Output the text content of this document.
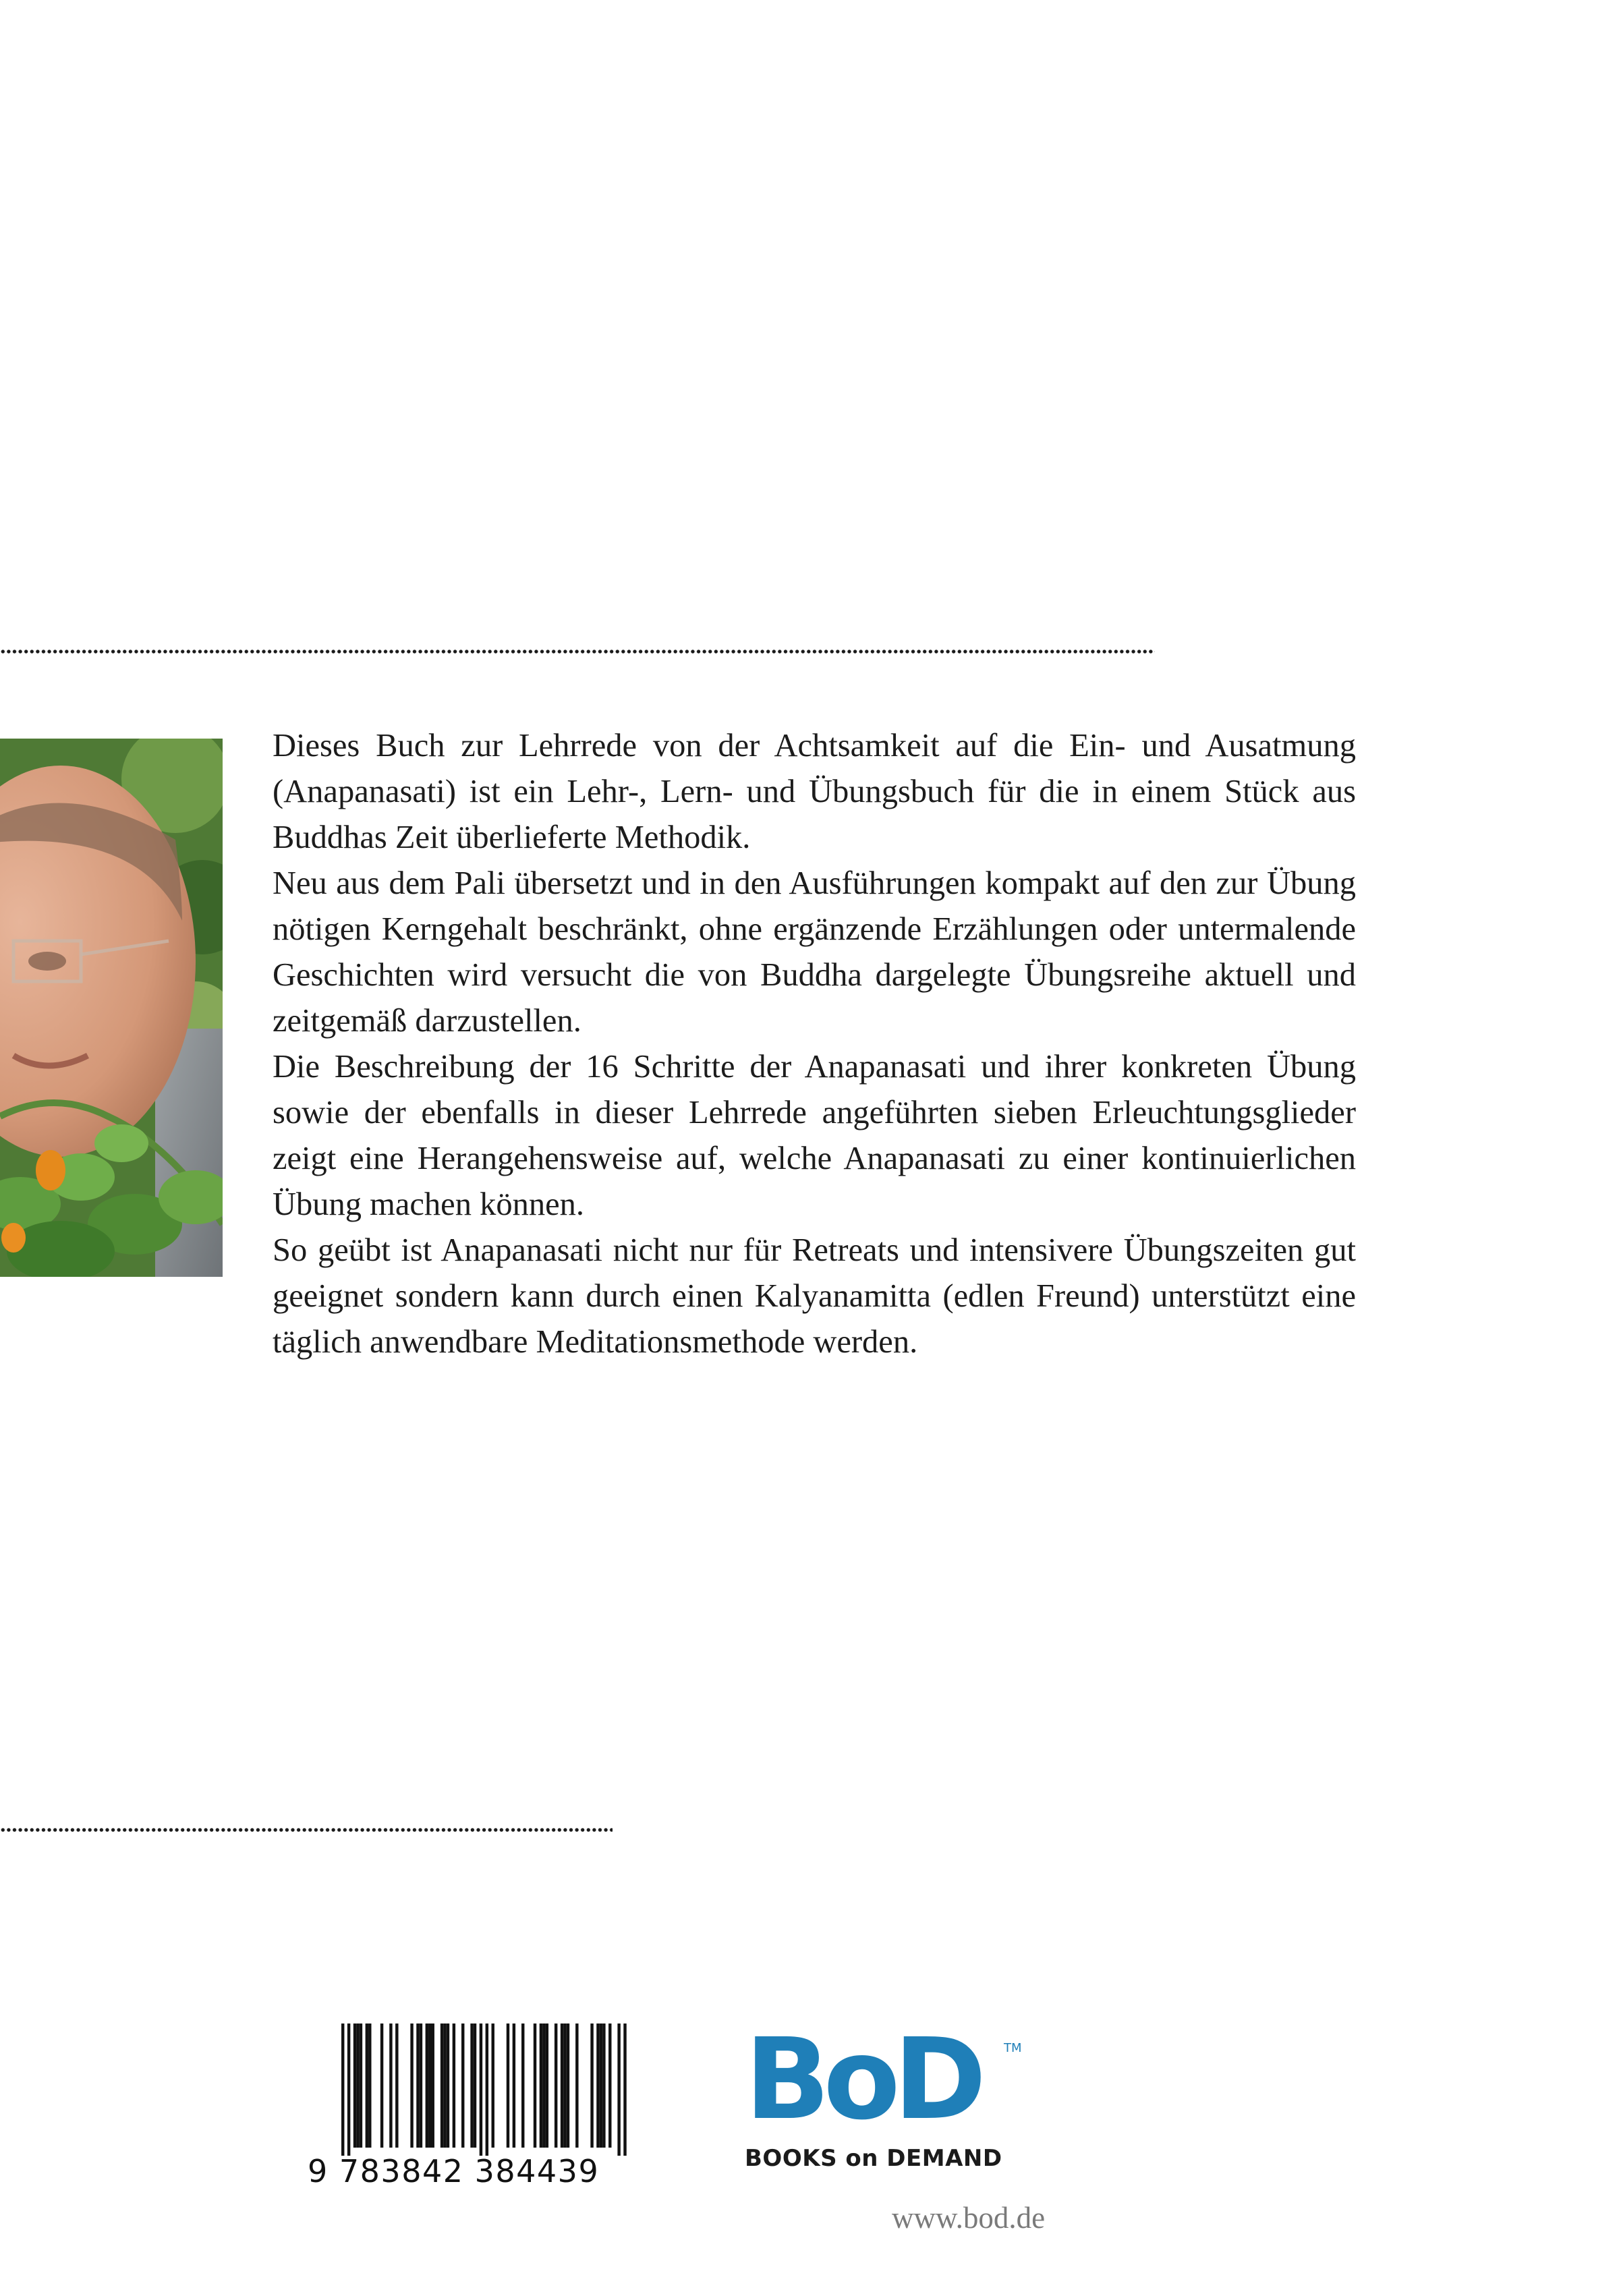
Dieses Buch zur Lehrrede von der Achtsamkeit auf die Ein- und Ausatmung (Anapanasati) ist ein Lehr-, Lern- und Übungsbuch für die in einem Stück aus Buddhas Zeit überlieferte Methodik.

Neu aus dem Pali übersetzt und in den Ausführungen kompakt auf den zur Übung nötigen Kerngehalt beschränkt, ohne ergänzende Erzählungen oder untermalende Geschichten wird versucht die von Buddha dargelegte Übungsreihe aktuell und zeitgemäß darzustellen.

Die Beschreibung der 16 Schritte der Anapanasati und ihrer konkreten Übung sowie der ebenfalls in dieser Lehrrede angeführten sieben Erleuchtungsglieder zeigt eine Herangehensweise auf, welche Anapanasati zu einer kontinuierlichen Übung machen können.

So geübt ist Anapanasati nicht nur für Retreats und intensivere Übungszeiten gut geeignet sondern kann durch einen Kalyanamitta (edlen Freund) unterstützt eine täglich anwendbare Meditationsmethode werden.

9 783842 384439
BoD TM
BOOKS on DEMAND
www.bod.de
